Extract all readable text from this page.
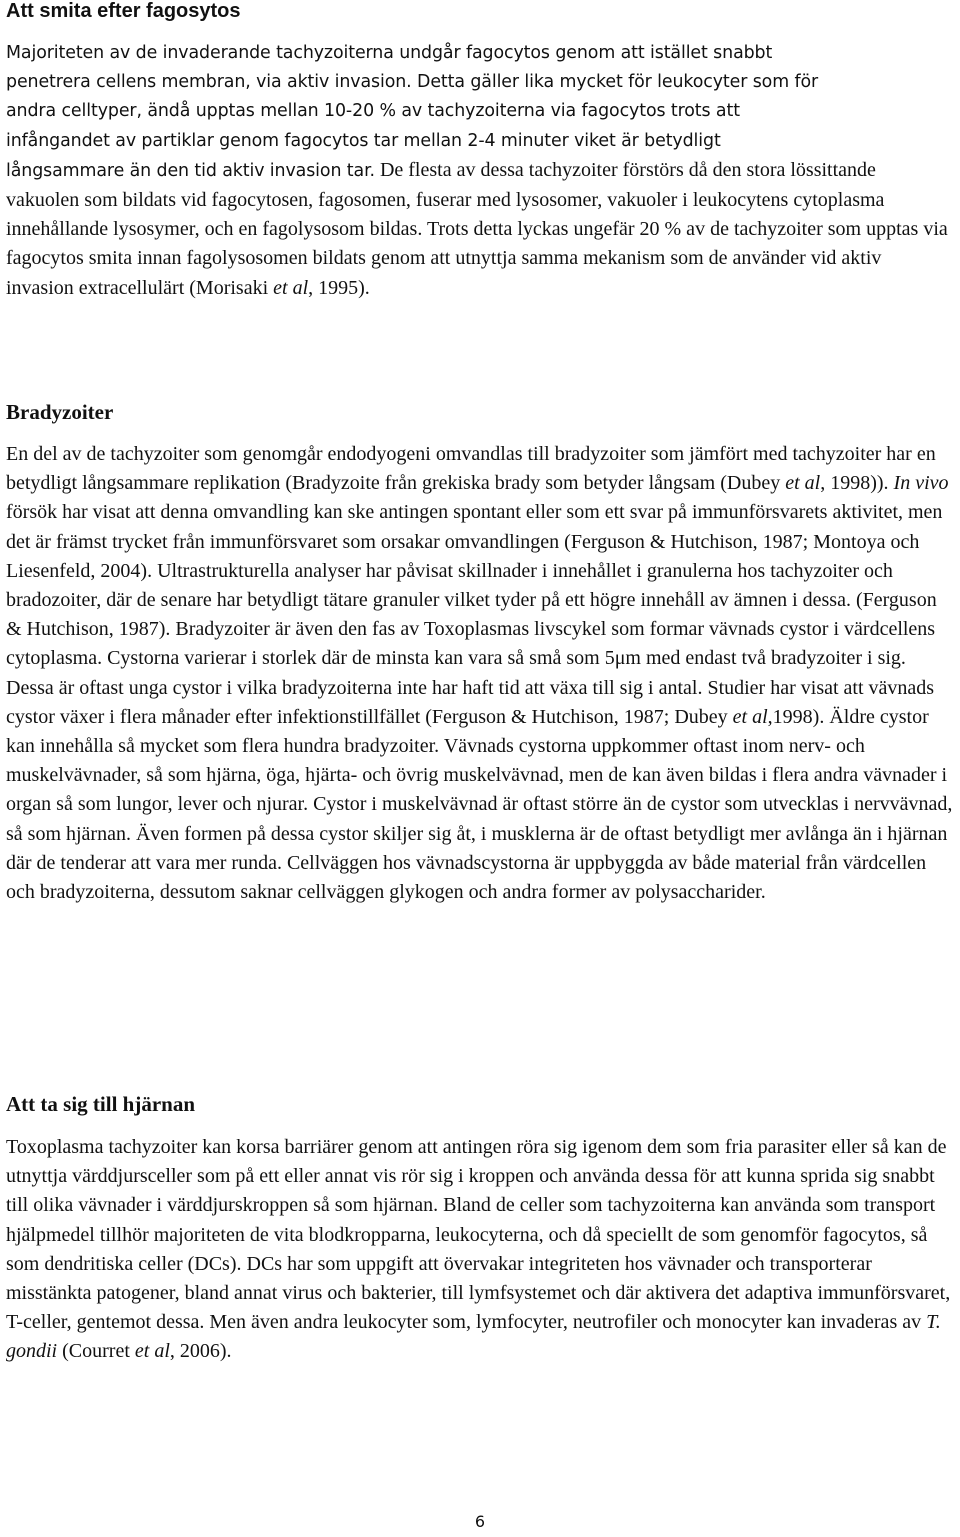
Att smita efter fagosytos
Majoriteten av de invaderande tachyzoiterna undgår fagocytos genom att istället snabbt
penetrera cellens membran, via aktiv invasion. Detta gäller lika mycket för leukocyter som för
andra celltyper, ändå upptas mellan 10-20 % av tachyzoiterna via fagocytos trots att
infångandet av partiklar genom fagocytos tar mellan 2-4 minuter viket är betydligt

långsammare än den tid aktiv invasion tar. De flesta av dessa tachyzoiter förstörs då den stora lössittande vakuolen som bildats vid fagocytosen, fagosomen, fuserar med lysosomer, vakuoler i leukocytens cytoplasma innehållande lysosymer, och en fagolysosom bildas. Trots detta lyckas ungefär 20 % av de tachyzoiter som upptas via fagocytos smita innan fagolysosomen bildats genom att utnyttja samma mekanism som de använder vid aktiv invasion extracellulärt (Morisaki et al, 1995).

Bradyzoiter

En del av de tachyzoiter som genomgår endodyogeni omvandlas till bradyzoiter som jämfört med tachyzoiter har en betydligt långsammare replikation (Bradyzoite från grekiska brady som betyder långsam (Dubey et al, 1998)). In vivo försök har visat att denna omvandling kan ske antingen spontant eller som ett svar på immunförsvarets aktivitet, men det är främst trycket från immunförsvaret som orsakar omvandlingen (Ferguson & Hutchison, 1987; Montoya och Liesenfeld, 2004). Ultrastrukturella analyser har påvisat skillnader i innehållet i granulerna hos tachyzoiter och bradozoiter, där de senare har betydligt tätare granuler vilket tyder på ett högre innehåll av ämnen i dessa. (Ferguson & Hutchison, 1987). Bradyzoiter är även den fas av Toxoplasmas livscykel som formar vävnads cystor i värdcellens cytoplasma. Cystorna varierar i storlek där de minsta kan vara så små som 5μm med endast två bradyzoiter i sig. Dessa är oftast unga cystor i vilka bradyzoiterna inte har haft tid att växa till sig i antal. Studier har visat att vävnads cystor växer i flera månader efter infektionstillfället (Ferguson & Hutchison, 1987; Dubey et al,1998). Äldre cystor kan innehålla så mycket som flera hundra bradyzoiter. Vävnads cystorna uppkommer oftast inom nerv- och muskelvävnader, så som hjärna, öga, hjärta- och övrig muskelvävnad, men de kan även bildas i flera andra vävnader i organ så som lungor, lever och njurar. Cystor i muskelvävnad är oftast större än de cystor som utvecklas i nervvävnad, så som hjärnan. Även formen på dessa cystor skiljer sig åt, i musklerna är de oftast betydligt mer avlånga än i hjärnan där de tenderar att vara mer runda. Cellväggen hos vävnadscystorna är uppbyggda av både material från värdcellen och bradyzoiterna, dessutom saknar cellväggen glykogen och andra former av polysaccharider.

Att ta sig till hjärnan

Toxoplasma tachyzoiter kan korsa barriärer genom att antingen röra sig igenom dem som fria parasiter eller så kan de utnyttja värddjursceller som på ett eller annat vis rör sig i kroppen och använda dessa för att kunna sprida sig snabbt till olika vävnader i värddjurskroppen så som hjärnan. Bland de celler som tachyzoiterna kan använda som transport hjälpmedel tillhör majoriteten de vita blodkropparna, leukocyterna, och då speciellt de som genomför fagocytos, så som dendritiska celler (DCs). DCs har som uppgift att övervakar integriteten hos vävnader och transporterar misstänkta patogener, bland annat virus och bakterier, till lymfsystemet och där aktivera det adaptiva immunförsvaret, T-celler, gentemot dessa. Men även andra leukocyter som, lymfocyter, neutrofiler och monocyter kan invaderas av T. gondii (Courret et al, 2006).

6
